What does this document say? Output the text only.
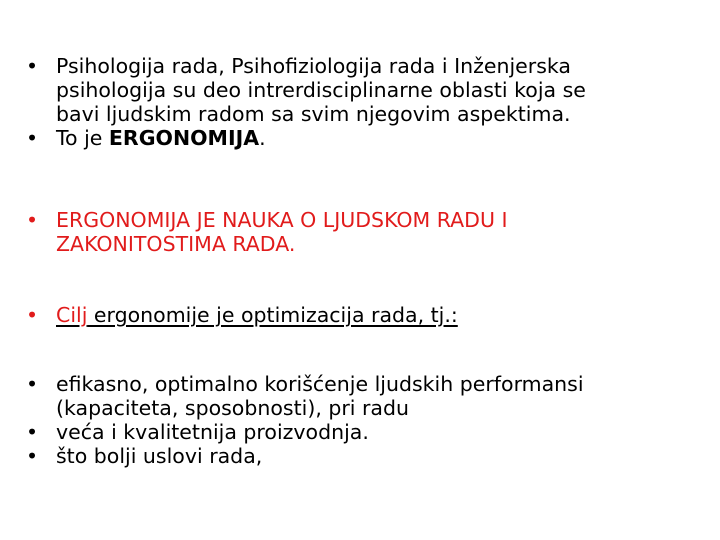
• Psihologija rada, Psihofiziologija rada i Inženjerska
psihologija su deo intrerdisciplinarne oblasti koja se
bavi ljudskim radom sa svim njegovim aspektima.
• To je ERGONOMIJA.
• ERGONOMIJA JE NAUKA O LJUDSKOM RADU I
ZAKONITOSTIMA RADA.
• Cilj ergonomije je optimizacija rada, tj.:
• efikasno, optimalno korišćenje ljudskih performansi
(kapaciteta, sposobnosti), pri radu
• veća i kvalitetnija proizvodnja.
• što bolji uslovi rada,
